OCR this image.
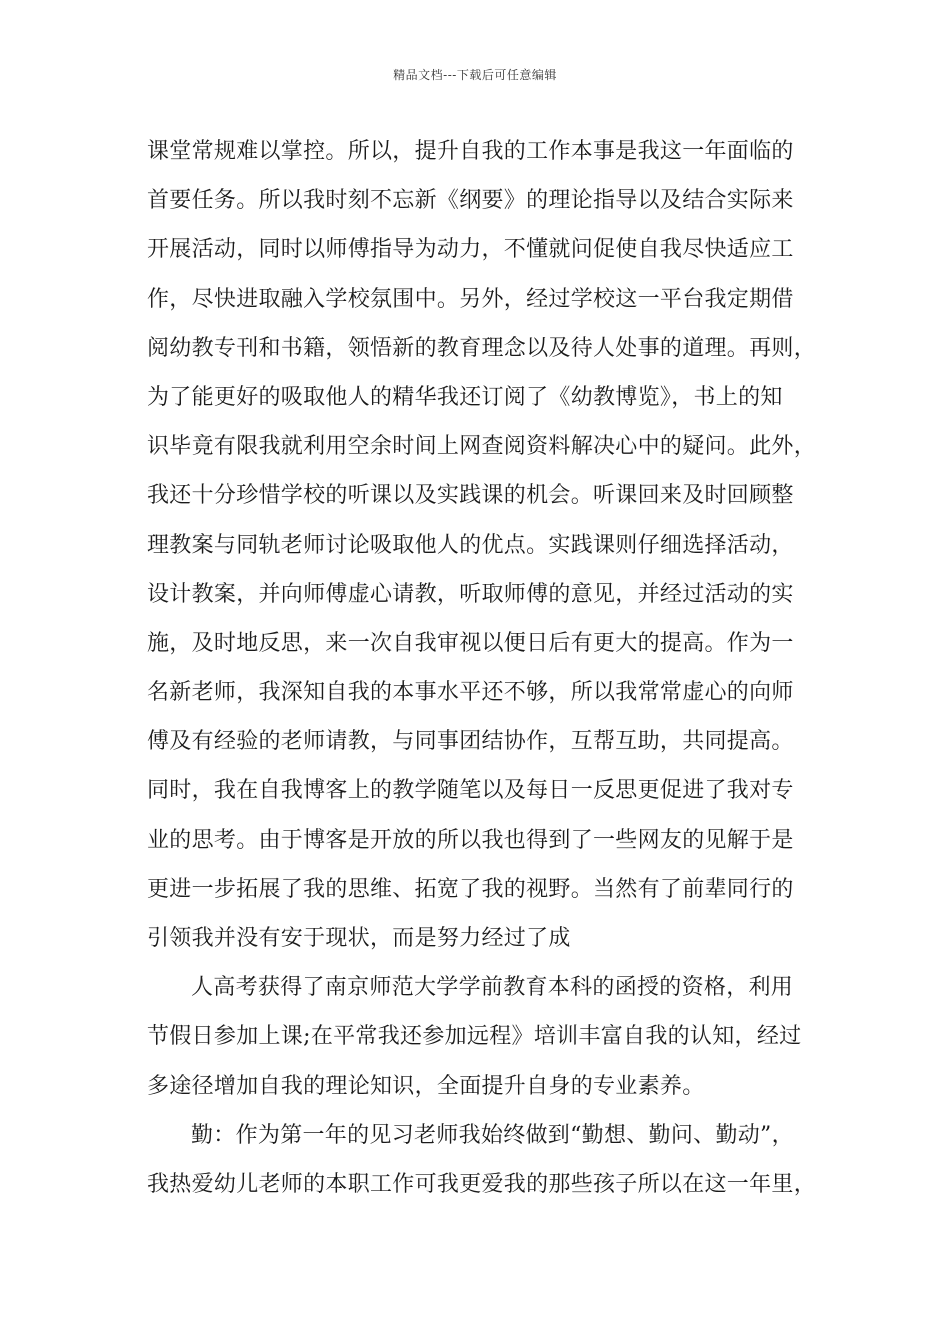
精品文档---下载后可任意编辑
课堂常规难以掌控。所以，提升自我的工作本事是我这一年面临的
首要任务。所以我时刻不忘新《纲要》的理论指导以及结合实际来
开展活动，同时以师傅指导为动力，不懂就问促使自我尽快适应工
作，尽快进取融入学校氛围中。另外，经过学校这一平台我定期借
阅幼教专刊和书籍，领悟新的教育理念以及待人处事的道理。再则，
为了能更好的吸取他人的精华我还订阅了《幼教博览》，书上的知
识毕竟有限我就利用空余时间上网查阅资料解决心中的疑问。此外，
我还十分珍惜学校的听课以及实践课的机会。听课回来及时回顾整
理教案与同轨老师讨论吸取他人的优点。实践课则仔细选择活动，
设计教案，并向师傅虚心请教，听取师傅的意见，并经过活动的实
施，及时地反思，来一次自我审视以便日后有更大的提高。作为一
名新老师，我深知自我的本事水平还不够，所以我常常虚心的向师
傅及有经验的老师请教，与同事团结协作，互帮互助，共同提高。
同时，我在自我博客上的教学随笔以及每日一反思更促进了我对专
业的思考。由于博客是开放的所以我也得到了一些网友的见解于是
更进一步拓展了我的思维、拓宽了我的视野。当然有了前辈同行的
引领我并没有安于现状，而是努力经过了成
人高考获得了南京师范大学学前教育本科的函授的资格，利用
节假日参加上课;在平常我还参加远程》培训丰富自我的认知，经过
多途径增加自我的理论知识，全面提升自身的专业素养。
勤：作为第一年的见习老师我始终做到“勤想、勤问、勤动”，
我热爱幼儿老师的本职工作可我更爱我的那些孩子所以在这一年里，
